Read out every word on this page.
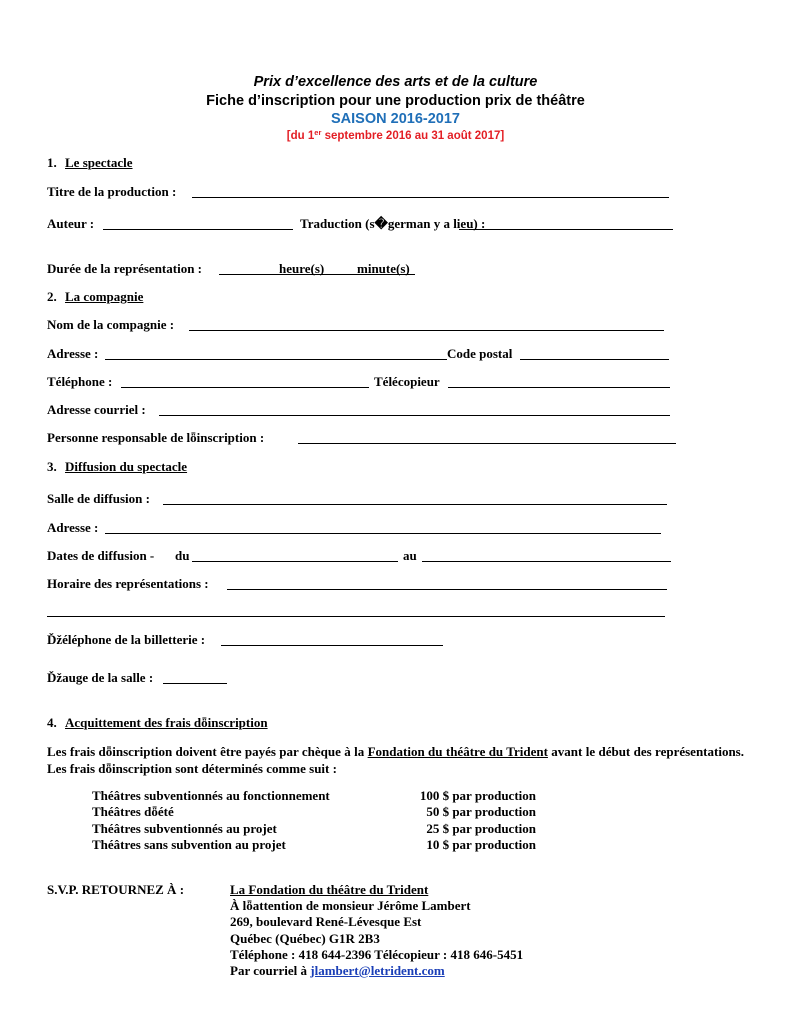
Prix d’excellence des arts et de la culture
Fiche d’inscription pour une production prix de théâtre
SAISON 2016-2017
[du 1er septembre 2016 au 31 août 2017]
1. Le spectacle
Titre de la production :
Auteur :	Traduction (s�german y a lieu) :
Durée de la représentation :	heure(s)	minute(s)
2. La compagnie
Nom de la compagnie :
Adresse :	Code postal
Téléphone :	Télécopieur
Adresse courriel :
Personne responsable de lȫinscription :
3. Diffusion du spectacle
Salle de diffusion :
Adresse :
Dates de diffusion - du	au
Horaire des représentations :
Ďžéléphone de la billetterie :
Ďžauge de la salle :
4. Acquittement des frais dȫinscription
Les frais dȫinscription doivent être payés par chèque à la Fondation du théâtre du Trident avant le début des représentations. Les frais dȫinscription sont déterminés comme suit :
Théâtres subventionnés au fonctionnement	100 $ par production
Théâtres dȫété	50 $ par production
Théâtres subventionnés au projet	25 $ par production
Théâtres sans subvention au projet	10 $ par production
S.V.P. RETOURNEZ À :	La Fondation du théâtre du Trident
À lȫattention de monsieur Jérôme Lambert
269, boulevard René-Lévesque Est
Québec (Québec) G1R 2B3
Téléphone : 418 644-2396 Télécopieur : 418 646-5451
Par courriel à jlambert@letrident.com
